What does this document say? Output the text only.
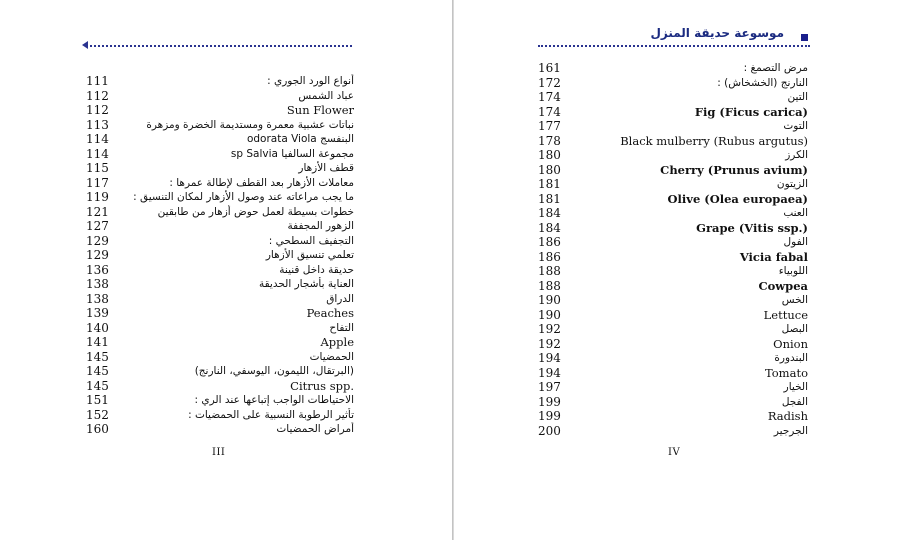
111	أنواع الورد الجوري :
112	عباد الشمس
112	Sun Flower
113	نباتات عشبية معمرة ومستديمة الخضرة ومزهرة
114	البنفسج odorata Viola
114	مجموعة السالفيا sp Salvia
115	قطف الأزهار
117	معاملات الأزهار بعد القطف لإطالة عمرها :
119	ما يجب مراعاته عند وصول الأزهار لمكان التنسيق :
121	خطوات بسيطة لعمل حوض أزهار من طابقين
127	الزهور المجففة
129	التجفيف السطحي :
129	تعلمي تنسيق الأزهار
136	حديقة داخل قنينة
138	العناية بأشجار الحديقة
138	الدراق
139	Peaches
140	التفاح
141	Apple
145	الحمضيات
145	(البرتقال، الليمون، اليوسفي، النارنج)
145	Citrus spp.
151	الاحتياطات الواجب إتباعها عند الري :
152	تأثير الرطوبة النسبية على الحمضيات :
160	أمراض الحمضيات
III
موسوعة حديقة المنزل
161	مرض التصمغ :
172	النارنج (الخشخاش) :
174	التين
174	Fig (Ficus carica)
177	التوت
178	Black mulberry (Rubus argutus)
180	الكرز
180	Cherry (Prunus avium)
181	الزيتون
181	Olive (Olea europaea)
184	العنب
184	Grape (Vitis ssp.)
186	الفول
186	Vicia fabal
188	اللوبياء
188	Cowpea
190	الخس
190	Lettuce
192	البصل
192	Onion
194	البندورة
194	Tomato
197	الخيار
199	الفجل
199	Radish
200	الجرجير
IV
